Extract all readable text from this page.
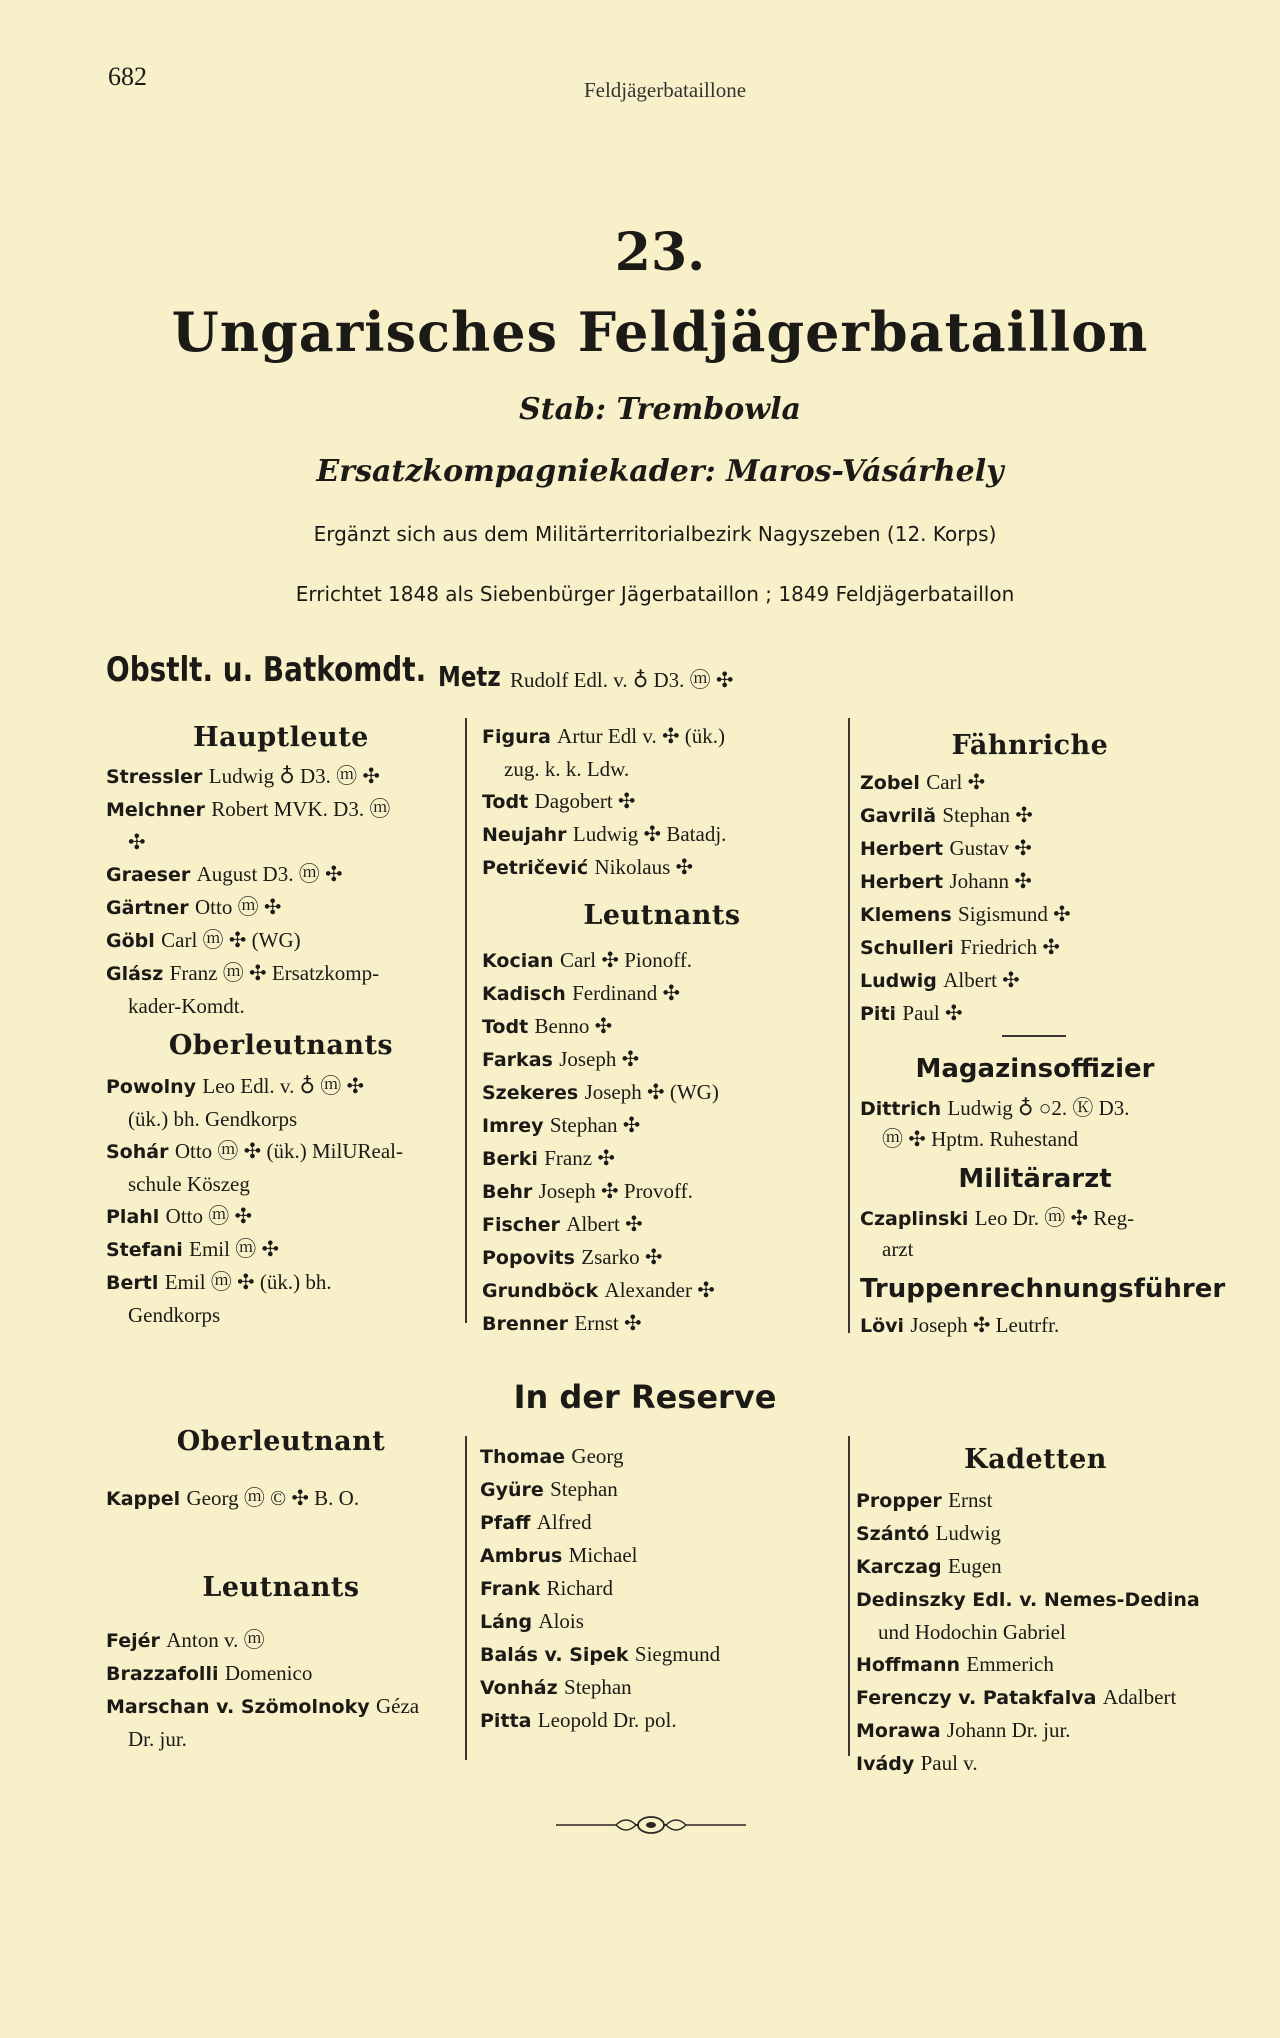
682	Feldjägerbataillone
23.
Ungarisches Feldjägerbataillon
Stab: Trembowla
Ersatzkompagniekader: Maros-Vásárhely
Ergänzt sich aus dem Militärterritorialbezirk Nagyszeben (12. Korps)
Errichtet 1848 als Siebenbürger Jägerbataillon ; 1849 Feldjägerbataillon
Obstlt. u. Batkomdt. Metz Rudolf Edl. v. ♁ D3. ⓜ ✣
Hauptleute
Stressler Ludwig ♁ D3. ⓜ ✣
Melchner Robert MVK. D3. ⓜ
✣
Graeser August D3. ⓜ ✣
Gärtner Otto ⓜ ✣
Göbl Carl ⓜ ✣ (WG)
Glász Franz ⓜ ✣ Ersatzkomp-
kader-Komdt.
Oberleutnants
Powolny Leo Edl. v. ♁ ⓜ ✣
(ük.) bh. Gendkorps
Sohár Otto ⓜ ✣ (ük.) MilUReal-
schule Köszeg
Plahl Otto ⓜ ✣
Stefani Emil ⓜ ✣
Bertl Emil ⓜ ✣ (ük.) bh.
Gendkorps
Figura Artur Edl v. ✣ (ük.)
zug. k. k. Ldw.
Todt Dagobert ✣
Neujahr Ludwig ✣ Batadj.
Petričević Nikolaus ✣
Leutnants
Kocian Carl ✣ Pionoff.
Kadisch Ferdinand ✣
Todt Benno ✣
Farkas Joseph ✣
Szekeres Joseph ✣ (WG)
Imrey Stephan ✣
Berki Franz ✣
Behr Joseph ✣ Provoff.
Fischer Albert ✣
Popovits Zsarko ✣
Grundböck Alexander ✣
Brenner Ernst ✣
Fähnriche
Zobel Carl ✣
Gavrilă Stephan ✣
Herbert Gustav ✣
Herbert Johann ✣
Klemens Sigismund ✣
Schulleri Friedrich ✣
Ludwig Albert ✣
Piti Paul ✣
Magazinsoffizier
Dittrich Ludwig ♁ ○2. Ⓚ D3.
ⓜ ✣ Hptm. Ruhestand
Militärarzt
Czaplinski Leo Dr. ⓜ ✣ Reg-
arzt
Truppenrechnungsführer
Lövi Joseph ✣ Leutrfr.
In der Reserve
Oberleutnant
Kappel Georg ⓜ © ✣ B. O.
Leutnants
Fejér Anton v. ⓜ
Brazzafolli Domenico
Marschan v. Szömolnoky Géza
Dr. jur.
Thomae Georg
Gyüre Stephan
Pfaff Alfred
Ambrus Michael
Frank Richard
Láng Alois
Balás v. Sipek Siegmund
Vonház Stephan
Pitta Leopold Dr. pol.
Kadetten
Propper Ernst
Szántó Ludwig
Karczag Eugen
Dedinszky Edl. v. Nemes-Dedina
und Hodochin Gabriel
Hoffmann Emmerich
Ferenczy v. Patakfalva Adalbert
Morawa Johann Dr. jur.
Ivády Paul v.
